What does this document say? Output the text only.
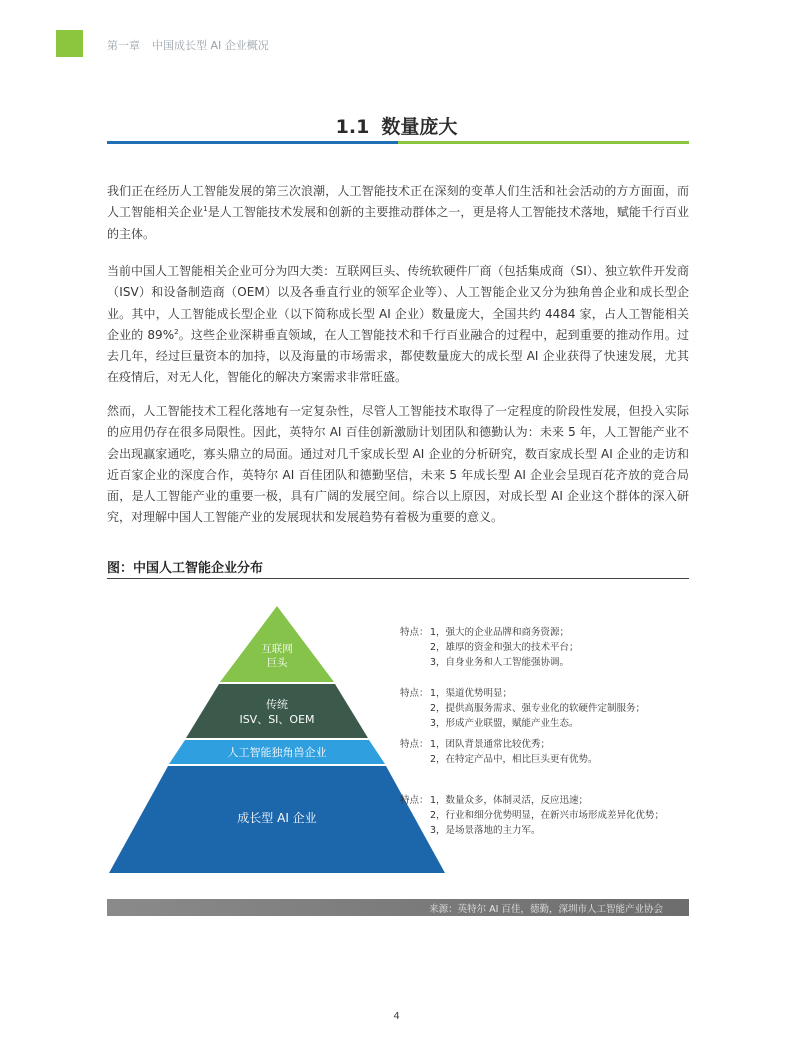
第一章 中国成长型 AI 企业概况
1.1 数量庞大
我们正在经历人工智能发展的第三次浪潮，人工智能技术正在深刻的变革人们生活和社会活动的方方面面，而人工智能相关企业$^1$是人工智能技术发展和创新的主要推动群体之一，更是将人工智能技术落地，赋能千行百业的主体。
当前中国人工智能相关企业可分为四大类：互联网巨头、传统软硬件厂商（包括集成商（SI）、独立软件开发商（ISV）和设备制造商（OEM）以及各垂直行业的领军企业等）、人工智能企业又分为独角兽企业和成长型企业。其中，人工智能成长型企业（以下简称成长型 AI 企业）数量庞大，全国共约 4484 家，占人工智能相关企业的 89%$^2$。这些企业深耕垂直领域，在人工智能技术和千行百业融合的过程中，起到重要的推动作用。过去几年，经过巨量资本的加持，以及海量的市场需求，都使数量庞大的成长型 AI 企业获得了快速发展，尤其在疫情后，对无人化，智能化的解决方案需求非常旺盛。
然而，人工智能技术工程化落地有一定复杂性，尽管人工智能技术取得了一定程度的阶段性发展，但投入实际的应用仍存在很多局限性。因此，英特尔 AI 百佳创新激励计划团队和德勤认为：未来 5 年，人工智能产业不会出现赢家通吃，寡头鼎立的局面。通过对几千家成长型 AI 企业的分析研究，数百家成长型 AI 企业的走访和近百家企业的深度合作，英特尔 AI 百佳团队和德勤坚信，未来 5 年成长型 AI 企业会呈现百花齐放的竞合局面，是人工智能产业的重要一极，具有广阔的发展空间。综合以上原因，对成长型 AI 企业这个群体的深入研究，对理解中国人工智能产业的发展现状和发展趋势有着极为重要的意义。
图：中国人工智能企业分布
互联网
巨头
传统
ISV、SI、OEM
人工智能独角兽企业
成长型 AI 企业
特点： 1，强大的企业品牌和商务资源；
2，雄厚的资金和强大的技术平台；
3，自身业务和人工智能强协调。
特点： 1，渠道优势明显；
2，提供高服务需求、强专业化的软硬件定制服务；
3，形成产业联盟，赋能产业生态。
特点： 1，团队背景通常比较优秀；
2，在特定产品中，相比巨头更有优势。
特点： 1，数量众多，体制灵活，反应迅速；
2，行业和细分优势明显，在新兴市场形成差异化优势；
3，是场景落地的主力军。
来源：英特尔 AI 百佳，德勤，深圳市人工智能产业协会
4
